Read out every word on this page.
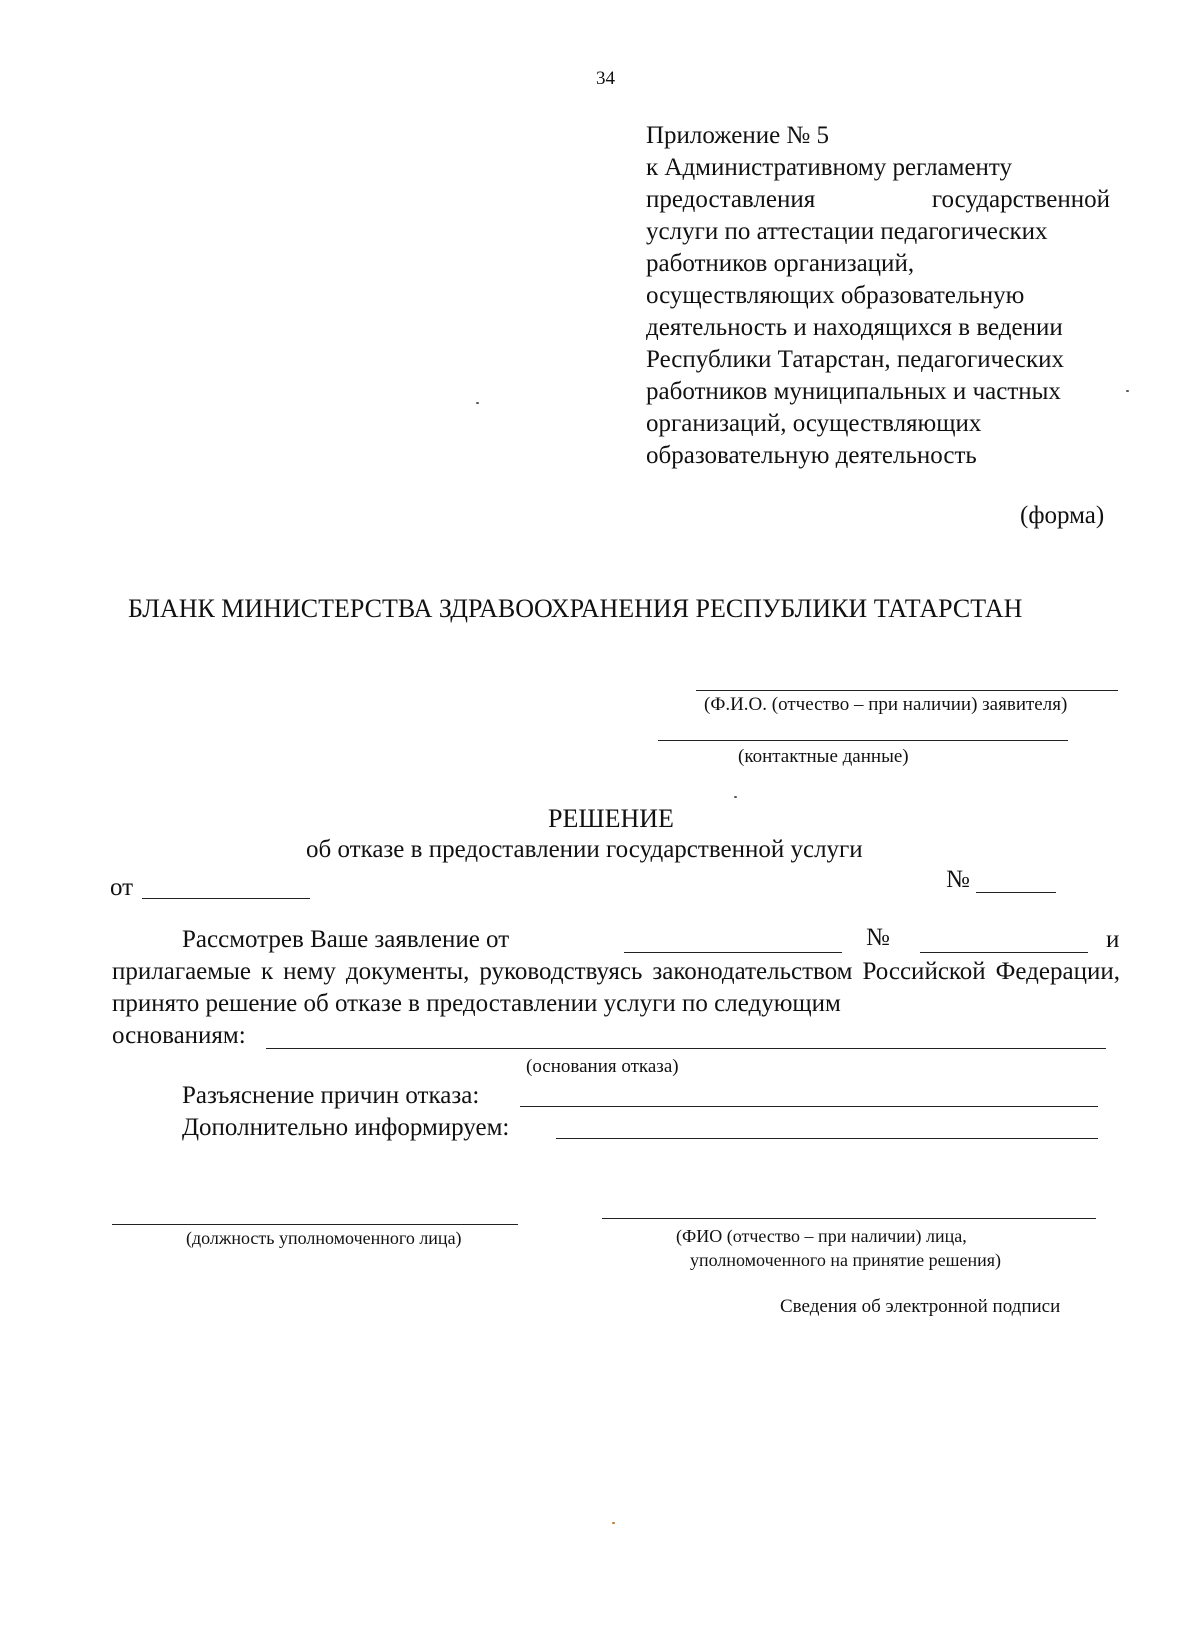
34
Приложение № 5
к Административному регламенту
предоставления	государственной
услуги по аттестации педагогических
работников организаций,
осуществляющих образовательную
деятельность и находящихся в ведении
Республики Татарстан, педагогических
работников муниципальных и частных
организаций, осуществляющих
образовательную деятельность
(форма)
БЛАНК МИНИСТЕРСТВА ЗДРАВООХРАНЕНИЯ РЕСПУБЛИКИ ТАТАРСТАН
(Ф.И.О. (отчество – при наличии) заявителя)
(контактные данные)
РЕШЕНИЕ
об отказе в предоставлении государственной услуги
от	№
Рассмотрев Ваше заявление от	№	и
прилагаемые к нему документы, руководствуясь законодательством Российской Федерации, принято решение об отказе в предоставлении услуги по следующим
основаниям:
(основания отказа)
Разъяснение причин отказа:
Дополнительно информируем:
(должность уполномоченного лица)	(ФИО (отчество – при наличии) лица,
уполномоченного на принятие решения)
Сведения об электронной подписи
